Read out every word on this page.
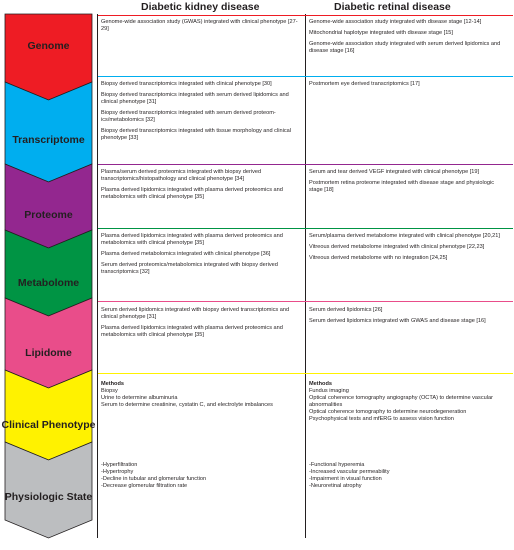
Genome
Transcriptome
Proteome
Metabolome
Lipidome
Clinical Phenotype
Physiologic State
Diabetic kidney disease	Diabetic retinal disease

Genome-wide association study (GWAS) integrated with clinical phenotype [27-29]

Genome-wide association study integrated with disease stage [12-14]

Mitochondrial haplotype integrated with disease stage [15]

Genome-wide association study integrated with serum derived lipidomics and disease stage [16]

Biopsy derived transcriptomics integrated with clinical phenotype [30]

Biopsy derived transcriptomics integrated with serum derived lipidomics and clinical phenotype [31]

Biopsy derived transcriptomics integrated with serum derived proteom-ics/metabolomics [32]

Biopsy derived transcriptomics integrated with tissue morphology and clinical phenotype [33]

Postmortem eye derived transcriptomics [17]

Plasma/serum derived proteomics integrated with biopsy derived transcriptomics/histopathology and clinical phenotype [34]

Plasma derived lipidomics integrated with plasma derived proteomics and metabolomics with clinical phenotype [35]

Serum and tear derived VEGF integrated with clinical phenotype [19]

Postmortem retina proteome integrated with disease stage and physiologic stage [18]

Plasma derived lipidomics integrated with plasma derived proteomics and metabolomics with clinical phenotype [35]

Plasma derived metabolomics integrated with clinical phenotype [36]

Serum derived proteomics/metabolomics integrated with biopsy derived transcriptomics [32]

Serum/plasma derived metabolome integrated with clinical phenotype [20,21]

Vitreous derived metabolome integrated with clinical phenotype [22,23]

Vitreous derived metabolome with no integration [24,25]

Serum derived lipidomics integrated with biopsy derived transcriptomics and clinical phenotype [31]

Plasma derived lipidomics integrated with plasma derived proteomics and metabolomics with clinical phenotype [35]

Serum derived lipidomics [26]

Serum derived lipidomics integrated with GWAS and disease stage [16]

Methods

Biopsy

Urine to determine albuminuria

Serum to determine creatinine, cystatin C, and electrolyte imbalances

Methods

Fundus imaging

Optical coherence tomography angiography (OCTA) to determine vascular abnormalities

Optical coherence tomography to determine neurodegeneration

Psychophysical tests and mfERG to assess vision function

-Hyperfiltration

-Hypertrophy

-Decline in tubular and glomerular function

-Decrease glomerular filtration rate

-Functional hyperemia

-Increased vascular permeability

-Impairment in visual function

-Neuroretinal atrophy
